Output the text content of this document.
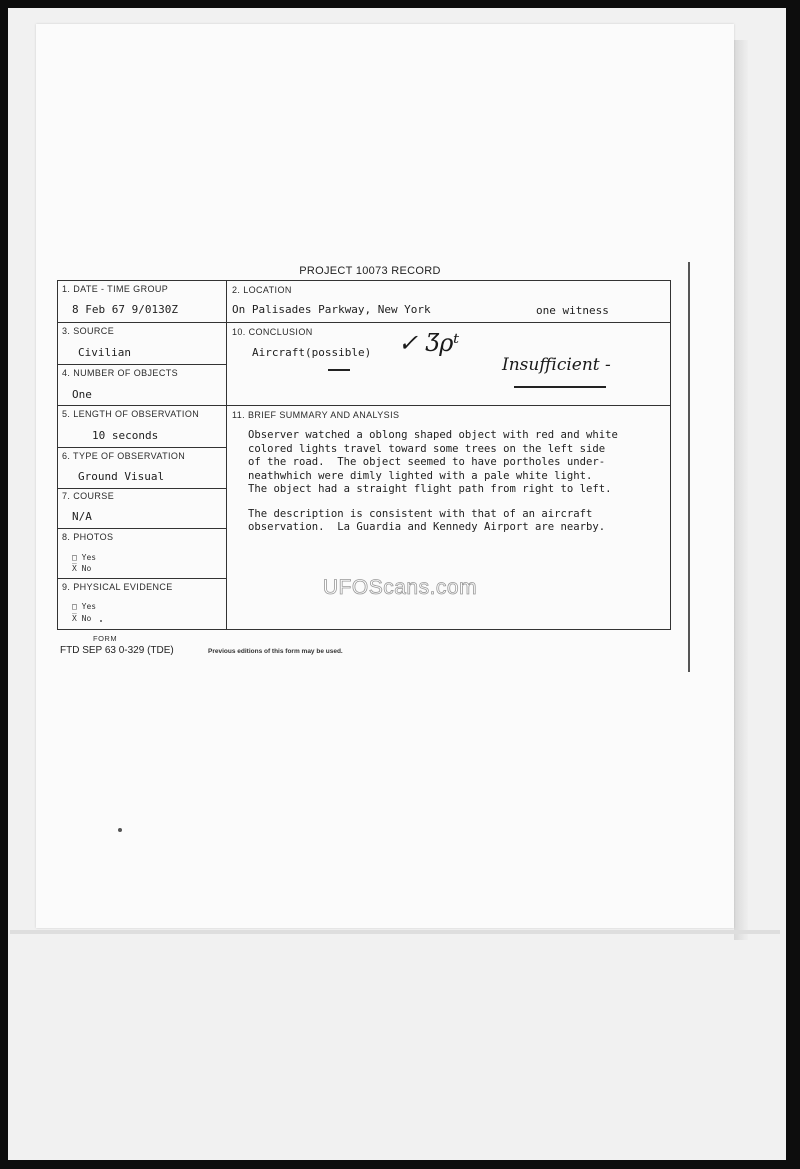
PROJECT 10073 RECORD
1. DATE - TIME GROUP
8 Feb 67 9/0130Z
2. LOCATION
On Palisades Parkway, New York	one witness
3. SOURCE
Civilian
10. CONCLUSION
Aircraft(possible) ✓ Ʒρᵗ
Insufficient -
4. NUMBER OF OBJECTS
One
5. LENGTH OF OBSERVATION
10 seconds
11. BRIEF SUMMARY AND ANALYSIS
6. TYPE OF OBSERVATION
Ground Visual
7. COURSE
N/A
8. PHOTOS
□ Yes
X̅ No
9. PHYSICAL EVIDENCE
□ Yes
X̅ No

Observer watched a oblong shaped object with red and white
colored lights travel toward some trees on the left side
of the road.  The object seemed to have portholes under-
neathwhich were dimly lighted with a pale white light.
The object had a straight flight path from right to left.

The description is consistent with that of an aircraft
observation.  La Guardia and Kennedy Airport are nearby.

FORM
FTD SEP 63 0-329 (TDE)	Previous editions of this form may be used.
UFOScans.com
